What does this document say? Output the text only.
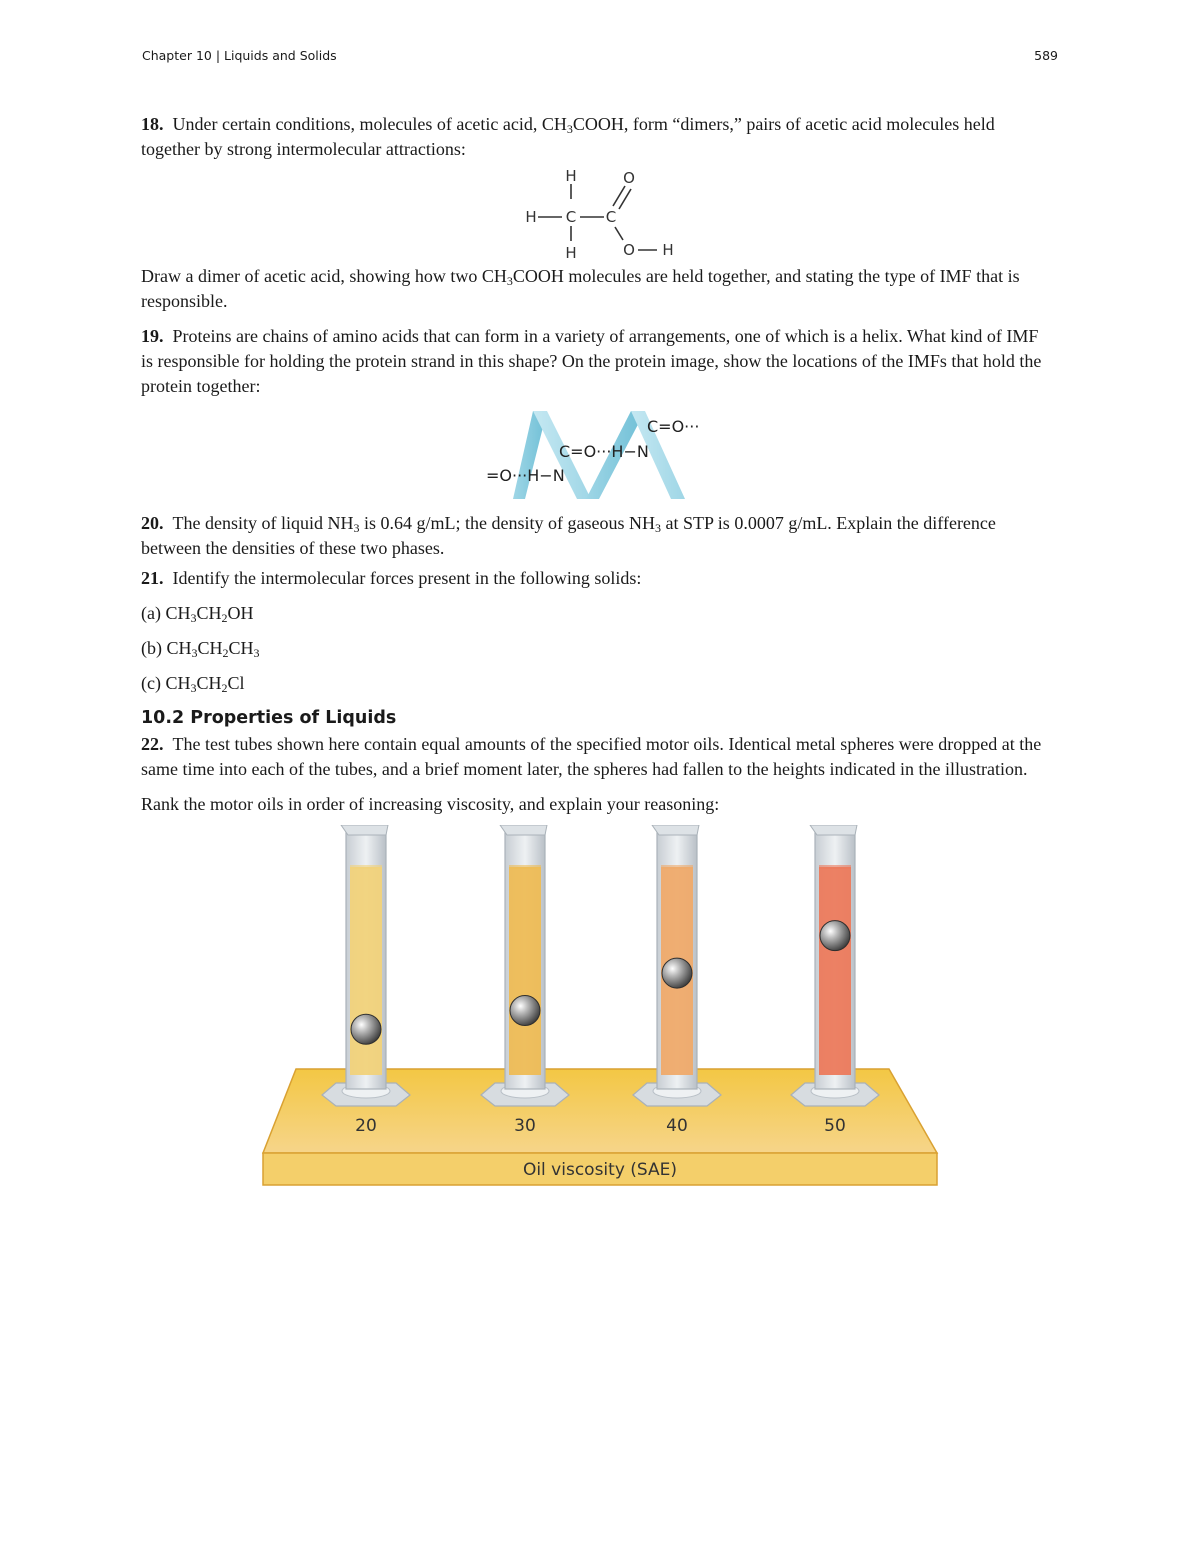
Chapter 10 | Liquids and Solids	589

18. Under certain conditions, molecules of acetic acid, $CH_3COOH$, form “dimers,” pairs of acetic acid molecules held together by strong intermolecular attractions:

H
H C C
H
O
O H

Draw a dimer of acetic acid, showing how two $CH_3COOH$ molecules are held together, and stating the type of IMF that is responsible.

19. Proteins are chains of amino acids that can form in a variety of arrangements, one of which is a helix. What kind of IMF is responsible for holding the protein strand in this shape? On the protein image, show the locations of the IMFs that hold the protein together:

C=O···
C=O···H−N
=O···H−N

20. The density of liquid $NH_3$ is 0.64 g/mL; the density of gaseous $NH_3$ at STP is 0.0007 g/mL. Explain the difference between the densities of these two phases.

21. Identify the intermolecular forces present in the following solids:

(a) $CH_3CH_2OH$

(b) $CH_3CH_2CH_3$

(c) $CH_3CH_2Cl$

10.2 Properties of Liquids

22. The test tubes shown here contain equal amounts of the specified motor oils. Identical metal spheres were dropped at the same time into each of the tubes, and a brief moment later, the spheres had fallen to the heights indicated in the illustration.

Rank the motor oils in order of increasing viscosity, and explain your reasoning:

Oil viscosity (SAE)
20	30	40	50
